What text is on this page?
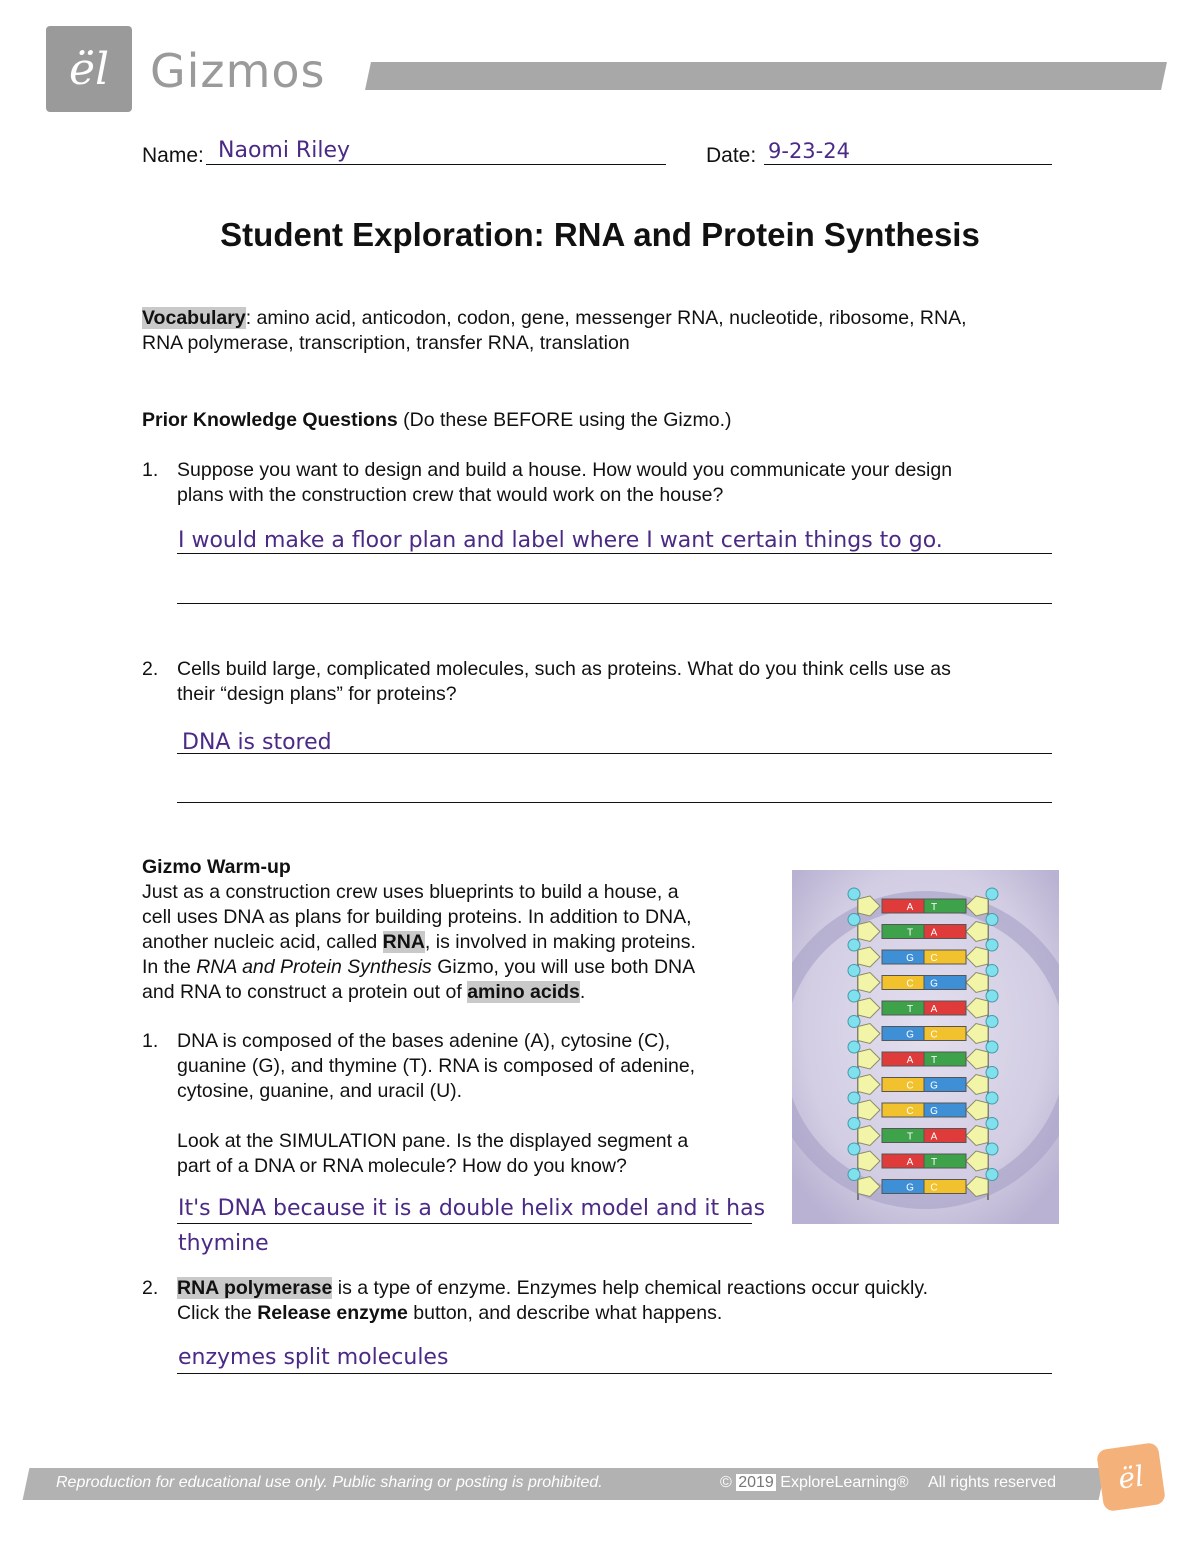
ël Gizmos
Name: Naomi Riley	Date: 9-23-24
Student Exploration: RNA and Protein Synthesis
Vocabulary: amino acid, anticodon, codon, gene, messenger RNA, nucleotide, ribosome, RNA,
RNA polymerase, transcription, transfer RNA, translation
Prior Knowledge Questions (Do these BEFORE using the Gizmo.)
1. Suppose you want to design and build a house. How would you communicate your design
plans with the construction crew that would work on the house?
I would make a floor plan and label where I want certain things to go.
2. Cells build large, complicated molecules, such as proteins. What do you think cells use as
their “design plans” for proteins?
DNA is stored
Gizmo Warm-up
Just as a construction crew uses blueprints to build a house, a
cell uses DNA as plans for building proteins. In addition to DNA,
another nucleic acid, called RNA, is involved in making proteins.
In the RNA and Protein Synthesis Gizmo, you will use both DNA
and RNA to construct a protein out of amino acids.
1. DNA is composed of the bases adenine (A), cytosine (C),
guanine (G), and thymine (T). RNA is composed of adenine,
cytosine, guanine, and uracil (U).
Look at the SIMULATION pane. Is the displayed segment a
part of a DNA or RNA molecule? How do you know?
It's DNA because it is a double helix model and it has
thymine
2. RNA polymerase is a type of enzyme. Enzymes help chemical reactions occur quickly.
Click the Release enzyme button, and describe what happens.
enzymes split molecules
A T
T A
G C
C G
T A
G C
A T
C G
C G
T A
A T
G C
Reproduction for educational use only. Public sharing or posting is prohibited.	© 2019 ExploreLearning® All rights reserved	ël
